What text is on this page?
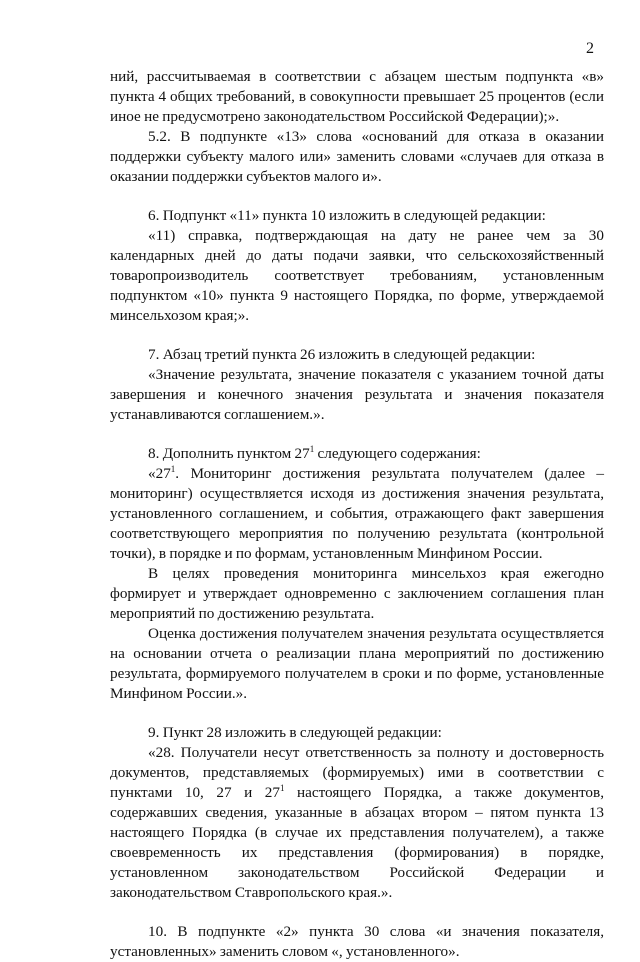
2

ний, рассчитываемая в соответствии с абзацем шестым подпункта «в» пункта 4 общих требований, в совокупности превышает 25 процентов (если иное не предусмотрено законодательством Российской Федерации);».

5.2. В подпункте «13» слова «оснований для отказа в оказании поддержки субъекту малого или» заменить словами «случаев для отказа в оказании поддержки субъектов малого и».

6. Подпункт «11» пункта 10 изложить в следующей редакции:

«11) справка, подтверждающая на дату не ранее чем за 30 календарных дней до даты подачи заявки, что сельскохозяйственный товаропроизводитель соответствует требованиям, установленным подпунктом «10» пункта 9 настоящего Порядка, по форме, утверждаемой минсельхозом края;».

7. Абзац третий пункта 26 изложить в следующей редакции:

«Значение результата, значение показателя с указанием точной даты завершения и конечного значения результата и значения показателя устанавливаются соглашением.».

8. Дополнить пунктом $27^1$ следующего содержания:

«$27^1$. Мониторинг достижения результата получателем (далее – мониторинг) осуществляется исходя из достижения значения результата, установленного соглашением, и события, отражающего факт завершения соответствующего мероприятия по получению результата (контрольной точки), в порядке и по формам, установленным Минфином России.

В целях проведения мониторинга минсельхоз края ежегодно формирует и утверждает одновременно с заключением соглашения план мероприятий по достижению результата.

Оценка достижения получателем значения результата осуществляется на основании отчета о реализации плана мероприятий по достижению результата, формируемого получателем в сроки и по форме, установленные Минфином России.».

9. Пункт 28 изложить в следующей редакции:

«28. Получатели несут ответственность за полноту и достоверность документов, представляемых (формируемых) ими в соответствии с пунктами 10, 27 и $27^1$ настоящего Порядка, а также документов, содержавших сведения, указанные в абзацах втором – пятом пункта 13 настоящего Порядка (в случае их представления получателем), а также своевременность их представления (формирования) в порядке, установленном законодательством Российской Федерации и законодательством Ставропольского края.».

10. В подпункте «2» пункта 30 слова «и значения показателя, установленных» заменить словом «, установленного».
